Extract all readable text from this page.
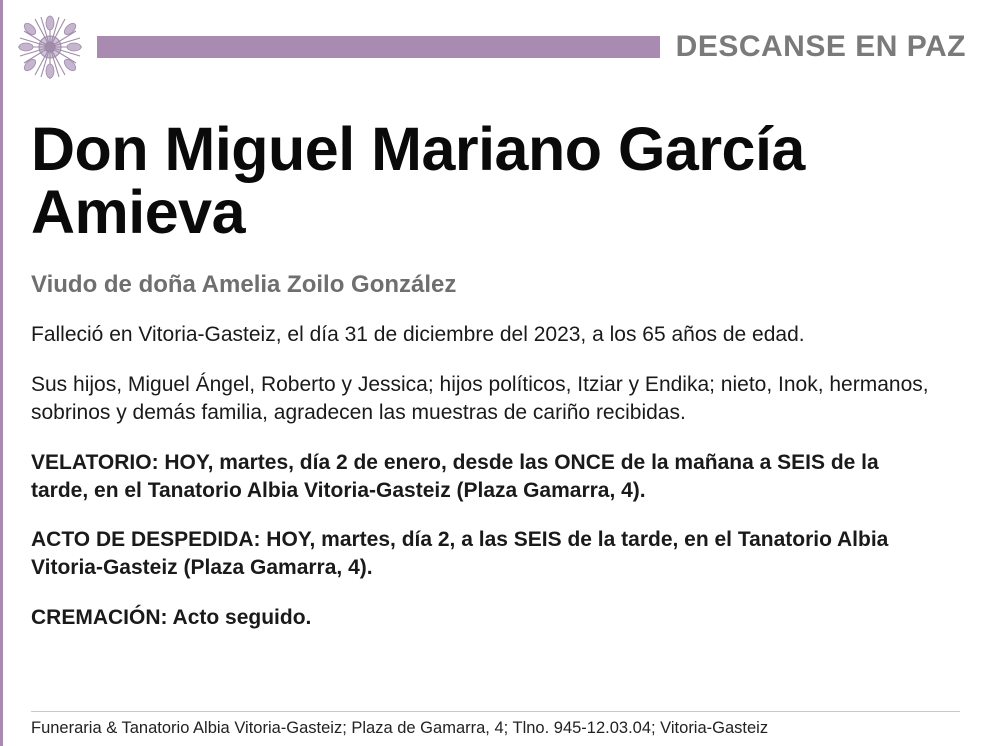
DESCANSE EN PAZ
Don Miguel Mariano García Amieva

Viudo de doña Amelia Zoilo González

Falleció en Vitoria-Gasteiz, el día 31 de diciembre del 2023, a los 65 años de edad.

Sus hijos, Miguel Ángel, Roberto y Jessica; hijos políticos, Itziar y Endika; nieto, Inok, hermanos, sobrinos y demás familia, agradecen las muestras de cariño recibidas.

VELATORIO: HOY, martes, día 2 de enero, desde las ONCE de la mañana a SEIS de la tarde, en el Tanatorio Albia Vitoria-Gasteiz (Plaza Gamarra, 4).

ACTO DE DESPEDIDA: HOY, martes, día 2, a las SEIS de la tarde, en el Tanatorio Albia Vitoria-Gasteiz (Plaza Gamarra, 4).

CREMACIÓN: Acto seguido.

Funeraria & Tanatorio Albia Vitoria-Gasteiz; Plaza de Gamarra, 4; Tlno. 945-12.03.04; Vitoria-Gasteiz
